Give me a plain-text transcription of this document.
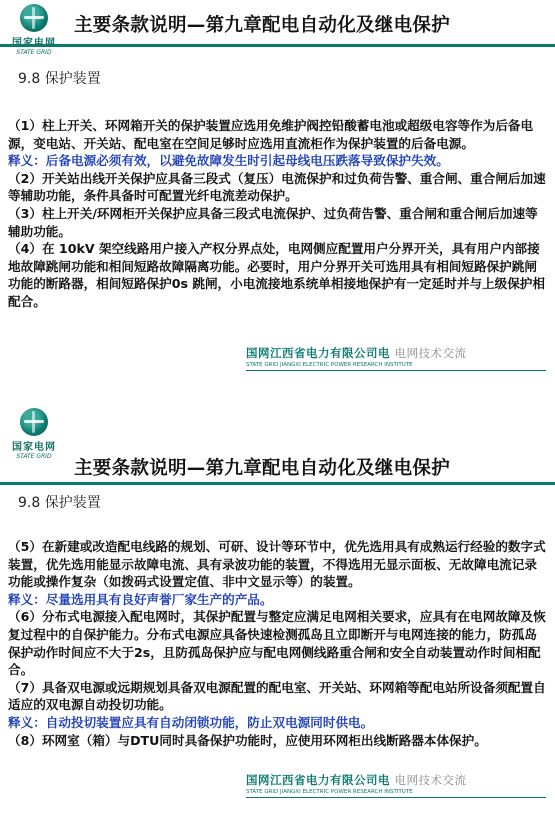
STATE GRID
主要条款说明—第九章配电自动化及继电保护
9.8 保护装置

（1）柱上开关、环网箱开关的保护装置应选用免维护阀控铅酸蓄电池或超级电容等作为后备电源，变电站、开关站、配电室在空间足够时应选用直流柜作为保护装置的后备电源。

释义：后备电源必须有效，以避免故障发生时引起母线电压跌落导致保护失效。

（2）开关站出线开关保护应具备三段式（复压）电流保护和过负荷告警、重合闸、重合闸后加速等辅助功能，条件具备时可配置光纤电流差动保护。

（3）柱上开关/环网柜开关保护应具备三段式电流保护、过负荷告警、重合闸和重合闸后加速等辅助功能。

（4）在 10kV 架空线路用户接入产权分界点处，电网侧应配置用户分界开关，具有用户内部接地故障跳闸功能和相间短路故障隔离功能。必要时，用户分界开关可选用具有相间短路保护跳闸功能的断路器，相间短路保护0s 跳闸，小电流接地系统单相接地保护有一定延时并与上级保护相配合。

国网江西省电力有限公司电 电网技术交流
STATE GRID JIANGXI ELECTRIC POWER RESEARCH INSTITUTE
国家电网
STATE GRID
主要条款说明—第九章配电自动化及继电保护
9.8 保护装置

（5）在新建或改造配电线路的规划、可研、设计等环节中，优先选用具有成熟运行经验的数字式装置，优先选用能显示故障电流、具有录波功能的装置，不得选用无显示面板、无故障电流记录功能或操作复杂（如拨码式设置定值、非中文显示等）的装置。

释义：尽量选用具有良好声誉厂家生产的产品。

（6）分布式电源接入配电网时，其保护配置与整定应满足电网相关要求，应具有在电网故障及恢复过程中的自保护能力。分布式电源应具备快速检测孤岛且立即断开与电网连接的能力，防孤岛保护动作时间应不大于2s，且防孤岛保护应与配电网侧线路重合闸和安全自动装置动作时间相配合。

（7）具备双电源或远期规划具备双电源配置的配电室、开关站、环网箱等配电站所设备须配置自适应的双电源自动投切功能。

释义：自动投切装置应具有自动闭锁功能，防止双电源同时供电。

（8）环网室（箱）与DTU同时具备保护功能时，应使用环网柜出线断路器本体保护。

国网江西省电力有限公司电 电网技术交流
STATE GRID JIANGXI ELECTRIC POWER RESEARCH INSTITUTE
